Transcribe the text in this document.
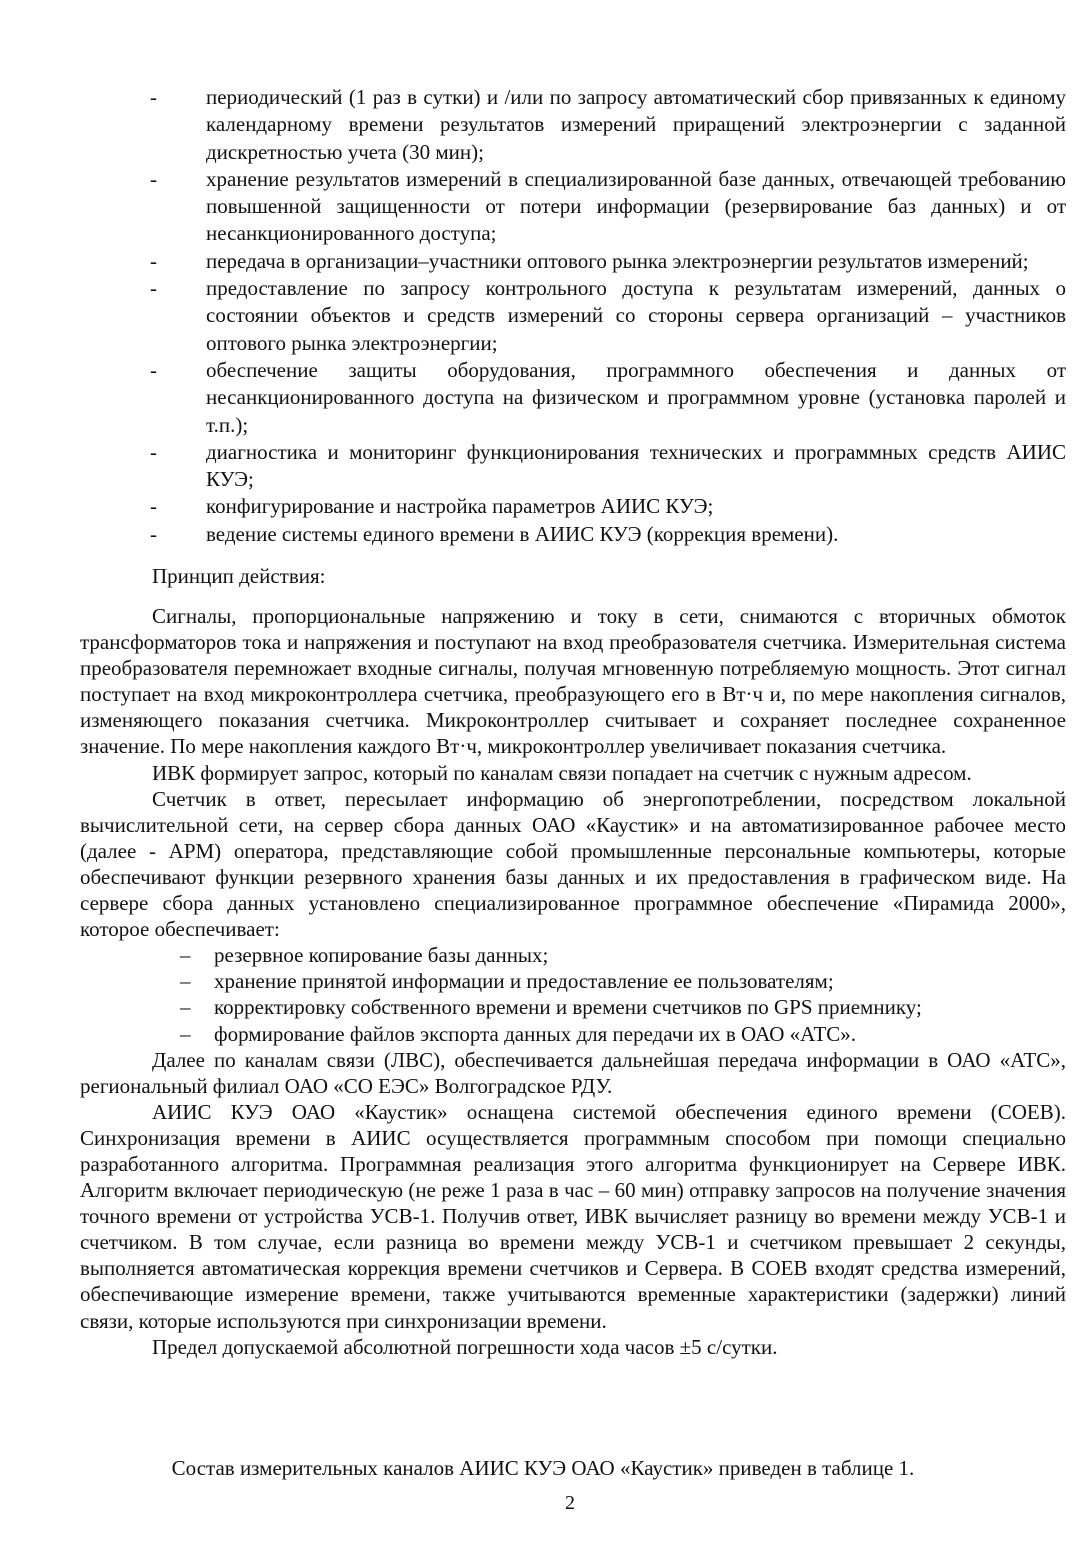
-	периодический (1 раз в сутки) и /или по запросу автоматический сбор привязанных к единому календарному времени результатов измерений приращений электроэнергии с заданной дискретностью учета (30 мин);
-	хранение результатов измерений в специализированной базе данных, отвечающей требованию повышенной защищенности от потери информации (резервирование баз данных) и от несанкционированного доступа;
-	передача в организации–участники оптового рынка электроэнергии результатов измерений;
-	предоставление по запросу контрольного доступа к результатам измерений, данных о состоянии объектов и средств измерений со стороны сервера организаций – участников оптового рынка электроэнергии;
-	обеспечение защиты оборудования, программного обеспечения и данных от несанкционированного доступа на физическом и программном уровне (установка паролей и т.п.);
-	диагностика и мониторинг функционирования технических и программных средств АИИС КУЭ;
-	конфигурирование и настройка параметров АИИС КУЭ;
-	ведение системы единого времени в АИИС КУЭ (коррекция времени).
Принцип действия:

Сигналы, пропорциональные напряжению и току в сети, снимаются с вторичных обмоток трансформаторов тока и напряжения и поступают на вход преобразователя счетчика. Измерительная система преобразователя перемножает входные сигналы, получая мгновенную потребляемую мощность. Этот сигнал поступает на вход микроконтроллера счетчика, преобразующего его в Вт·ч и, по мере накопления сигналов, изменяющего показания счетчика. Микроконтроллер считывает и сохраняет последнее сохраненное значение. По мере накопления каждого Вт·ч, микроконтроллер увеличивает показания счетчика.

ИВК формирует запрос, который по каналам связи попадает на счетчик с нужным адресом.

Счетчик в ответ, пересылает информацию об энергопотреблении, посредством локальной вычислительной сети, на сервер сбора данных ОАО «Каустик» и на автоматизированное рабочее место (далее - АРМ) оператора, представляющие собой промышленные персональные компьютеры, которые обеспечивают функции резервного хранения базы данных и их предоставления в графическом виде. На сервере сбора данных установлено специализированное программное обеспечение «Пирамида 2000», которое обеспечивает:

–	резервное копирование базы данных;
–	хранение принятой информации и предоставление ее пользователям;
–	корректировку собственного времени и времени счетчиков по GPS приемнику;
–	формирование файлов экспорта данных для передачи их в ОАО «АТС».

Далее по каналам связи (ЛВС), обеспечивается дальнейшая передача информации в ОАО «АТС», региональный филиал ОАО «СО ЕЭС» Волгоградское РДУ.

АИИС КУЭ ОАО «Каустик» оснащена системой обеспечения единого времени (СОЕВ). Синхронизация времени в АИИС осуществляется программным способом при помощи специально разработанного алгоритма. Программная реализация этого алгоритма функционирует на Сервере ИВК. Алгоритм включает периодическую (не реже 1 раза в час – 60 мин) отправку запросов на получение значения точного времени от устройства УСВ-1. Получив ответ, ИВК вычисляет разницу во времени между УСВ-1 и счетчиком. В том случае, если разница во времени между УСВ-1 и счетчиком превышает 2 секунды, выполняется автоматическая коррекция времени счетчиков и Сервера. В СОЕВ входят средства измерений, обеспечивающие измерение времени, также учитываются временные характеристики (задержки) линий связи, которые используются при синхронизации времени.

Предел допускаемой абсолютной погрешности хода часов ±5 с/сутки.

Состав измерительных каналов АИИС КУЭ ОАО «Каустик» приведен в таблице 1.
2
